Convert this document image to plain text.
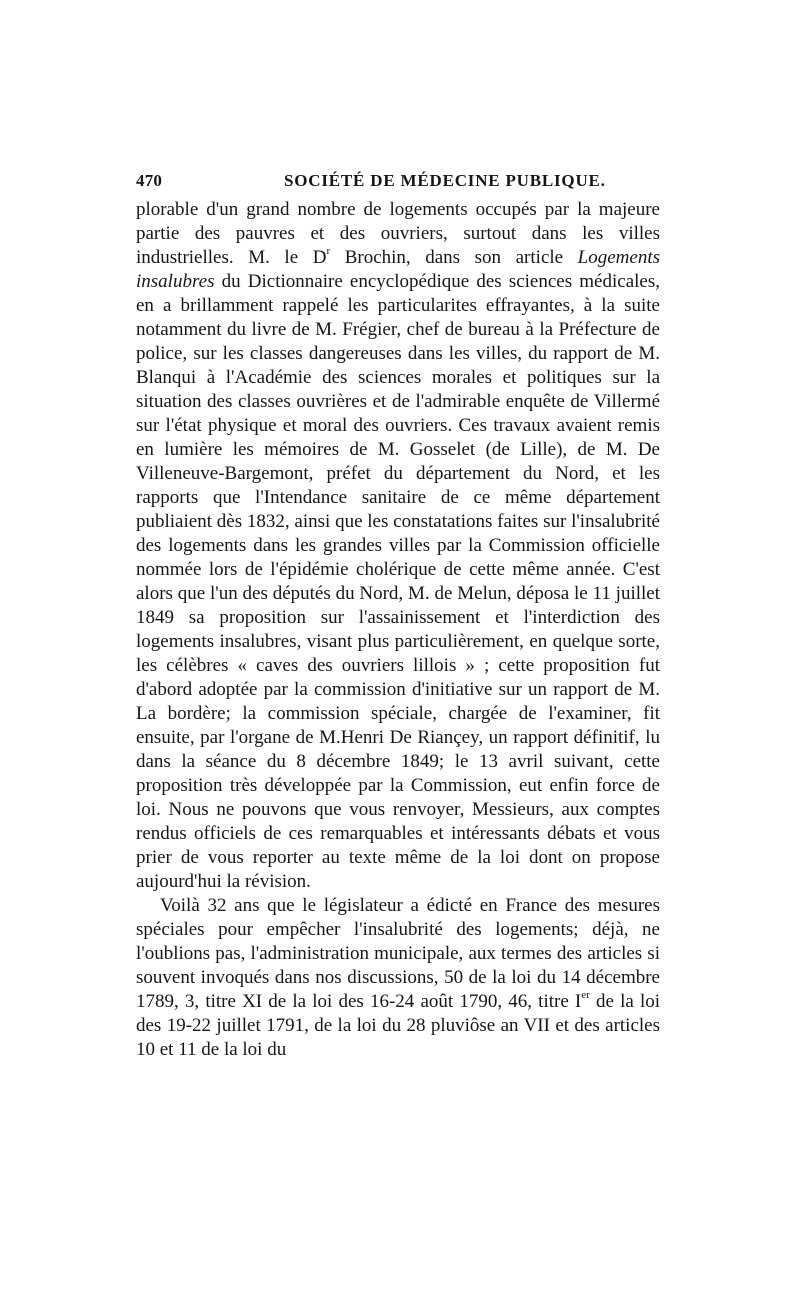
470	SOCIÉTÉ DE MÉDECINE PUBLIQUE.

plorable d'un grand nombre de logements occupés par la majeure partie des pauvres et des ouvriers, surtout dans les villes industrielles. M. le $D^r$ Brochin, dans son article Logements insalubres du Dictionnaire encyclopédique des sciences médicales, en a brillamment rappelé les particularites effrayantes, à la suite notamment du livre de M. Frégier, chef de bureau à la Préfecture de police, sur les classes dangereuses dans les villes, du rapport de M. Blanqui à l'Académie des sciences morales et politiques sur la situation des classes ouvrières et de l'admirable enquête de Villermé sur l'état physique et moral des ouvriers. Ces travaux avaient remis en lumière les mémoires de M. Gosselet (de Lille), de M. De Villeneuve-Bargemont, préfet du département du Nord, et les rapports que l'Intendance sanitaire de ce même département publiaient dès 1832, ainsi que les constatations faites sur l'insalubrité des logements dans les grandes villes par la Commission officielle nommée lors de l'épidémie cholérique de cette même année. C'est alors que l'un des députés du Nord, M. de Melun, déposa le 11 juillet 1849 sa proposition sur l'assainissement et l'interdiction des logements insalubres, visant plus particulièrement, en quelque sorte, les célèbres « caves des ouvriers lillois » ; cette proposition fut d'abord adoptée par la commission d'initiative sur un rapport de M. La bordère; la commission spéciale, chargée de l'examiner, fit ensuite, par l'organe de M.Henri De Riançey, un rapport définitif, lu dans la séance du 8 décembre 1849; le 13 avril suivant, cette proposition très développée par la Commission, eut enfin force de loi. Nous ne pouvons que vous renvoyer, Messieurs, aux comptes rendus officiels de ces remarquables et intéressants débats et vous prier de vous reporter au texte même de la loi dont on propose aujourd'hui la révision.

Voilà 32 ans que le législateur a édicté en France des mesures spéciales pour empêcher l'insalubrité des logements; déjà, ne l'oublions pas, l'administration municipale, aux termes des articles si souvent invoqués dans nos discussions, 50 de la loi du 14 décembre 1789, 3, titre XI de la loi des 16-24 août 1790, 46, titre Ier de la loi des 19-22 juillet 1791, de la loi du 28 pluviôse an VII et des articles 10 et 11 de la loi du
